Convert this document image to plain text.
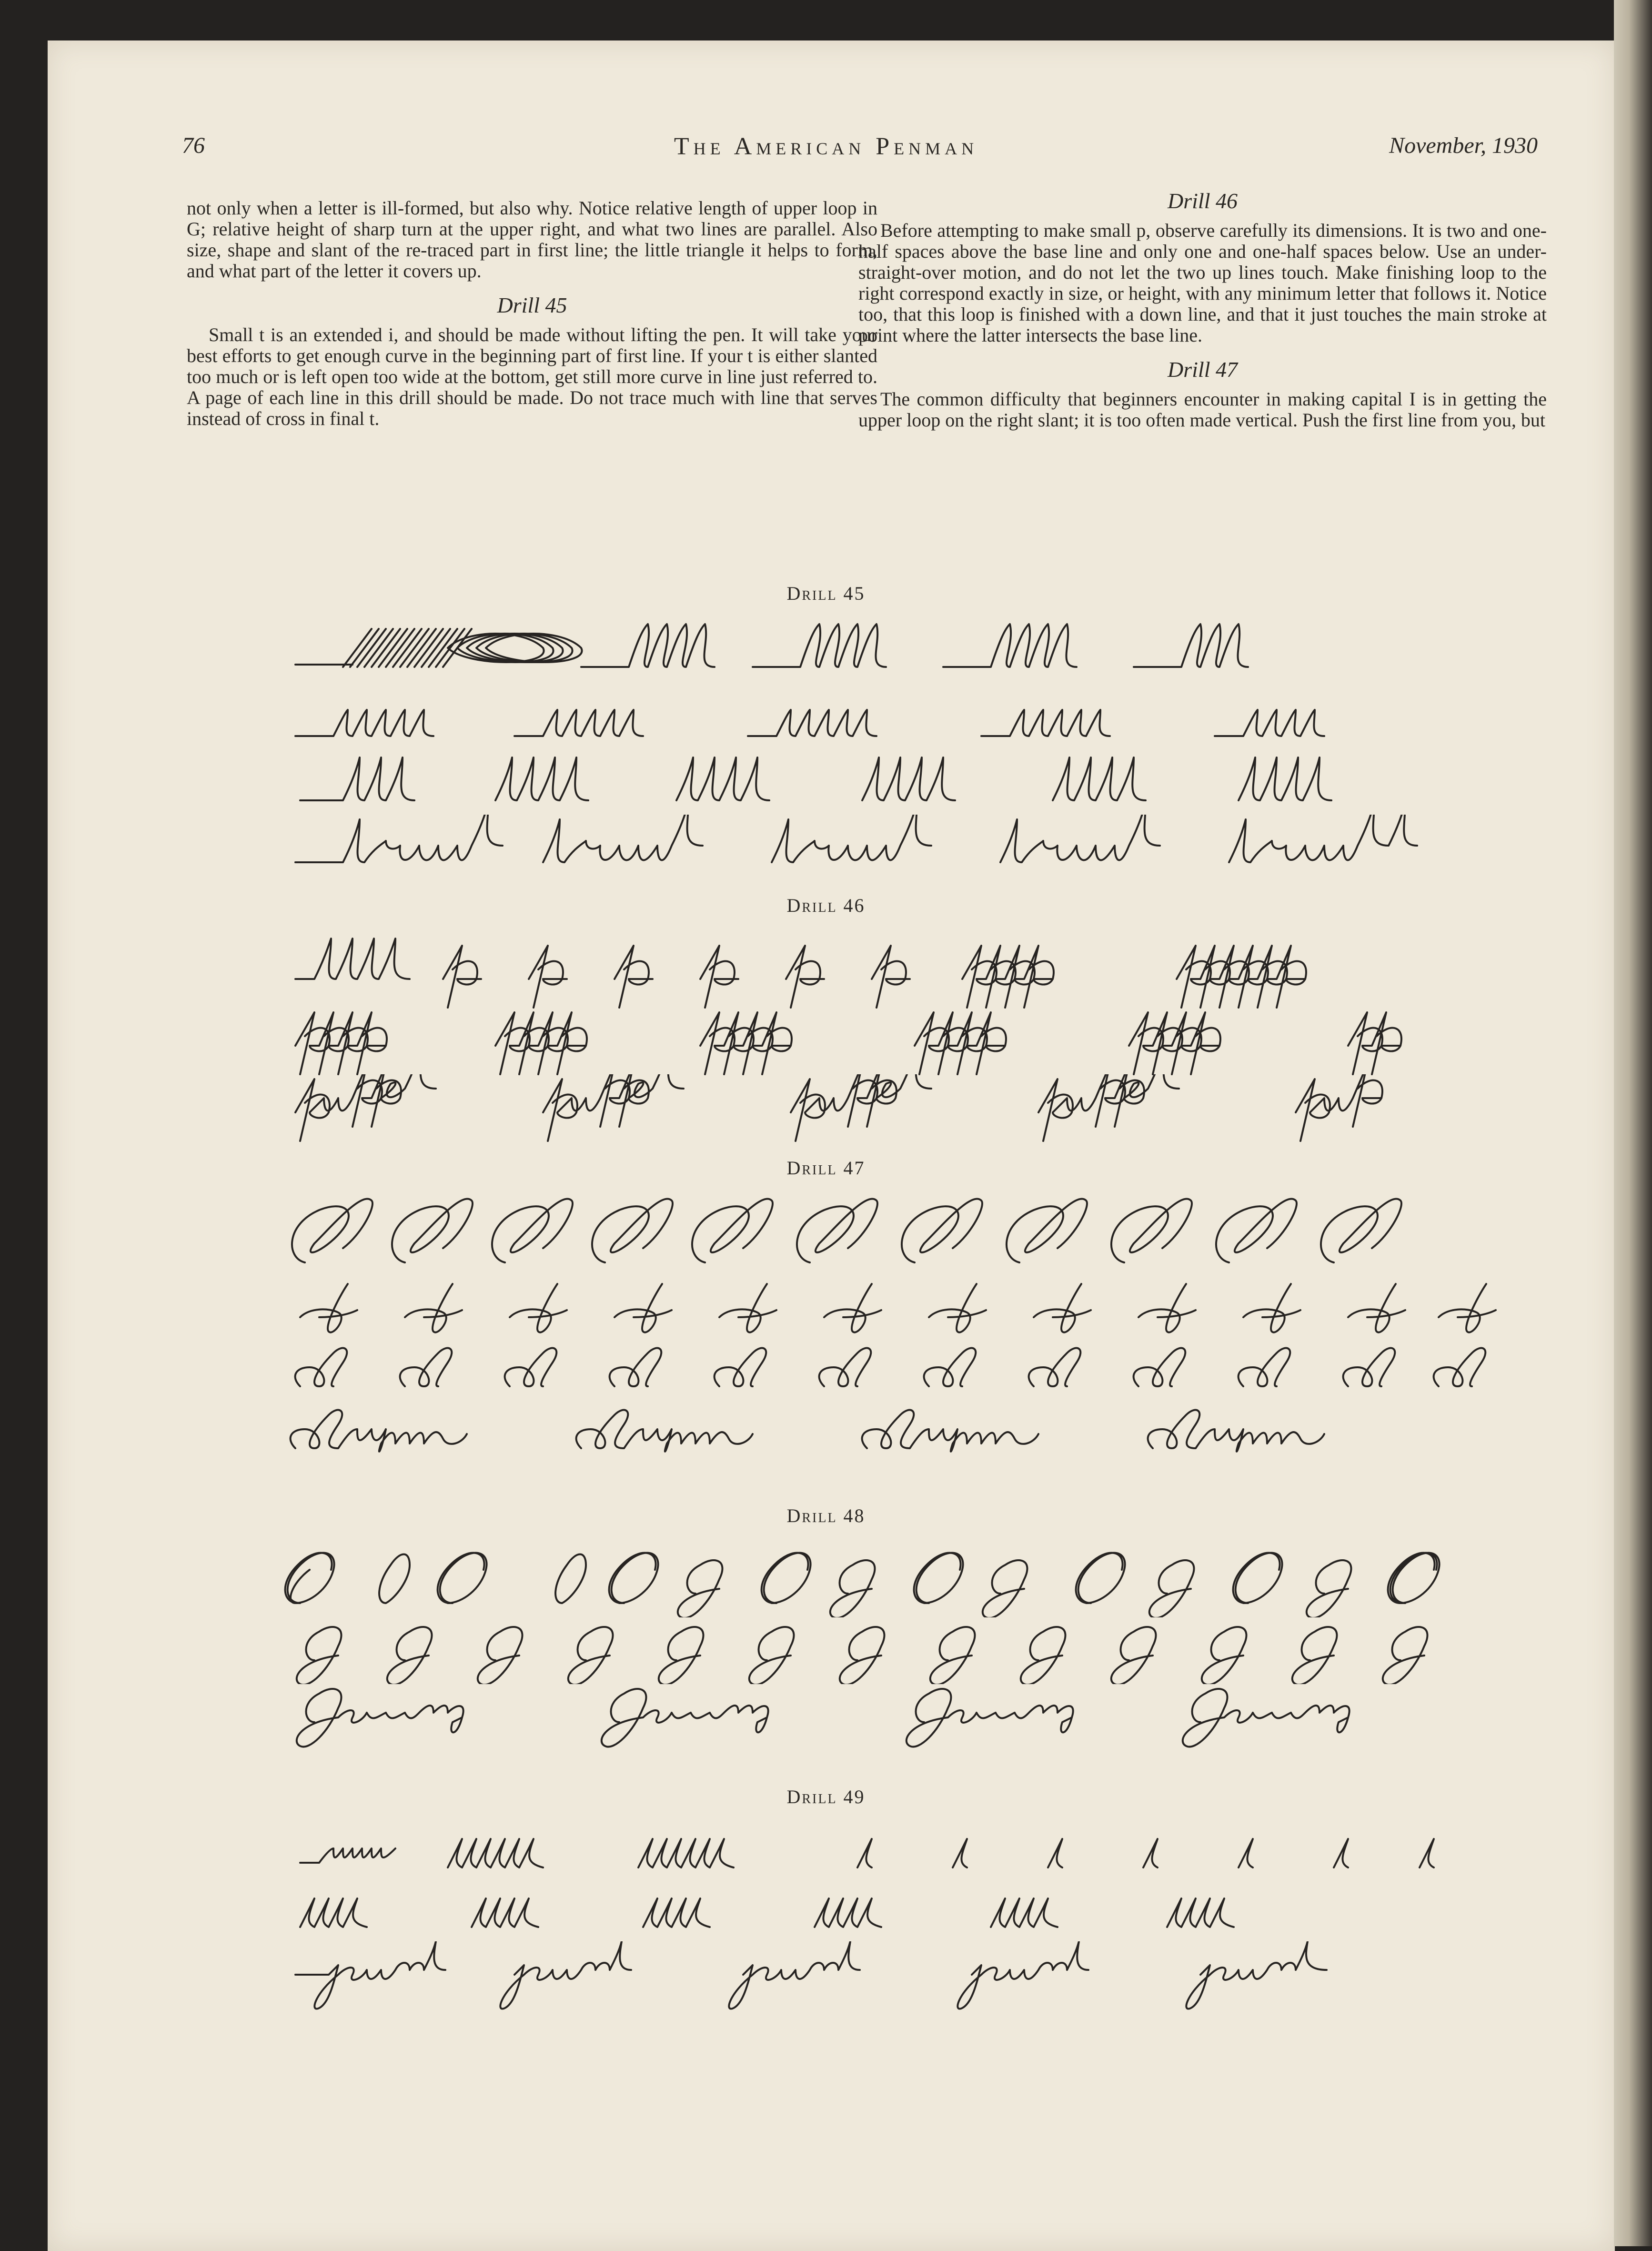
76	The American Penman	November, 1930

not only when a letter is ill-formed, but also why. Notice relative length of upper loop in G; relative height of sharp turn at the upper right, and what two lines are parallel. Also size, shape and slant of the re-traced part in first line; the little triangle it helps to form, and what part of the letter it covers up.

Drill 45

Small t is an extended i, and should be made without lifting the pen. It will take your best efforts to get enough curve in the beginning part of first line. If your t is either slanted too much or is left open too wide at the bottom, get still more curve in line just referred to. A page of each line in this drill should be made. Do not trace much with line that serves instead of cross in final t.

Drill 46

Before attempting to make small p, observe carefully its dimensions. It is two and one-half spaces above the base line and only one and one-half spaces below. Use an under-straight-over motion, and do not let the two up lines touch. Make finishing loop to the right correspond exactly in size, or height, with any minimum letter that follows it. Notice too, that this loop is finished with a down line, and that it just touches the main stroke at point where the latter intersects the base line.

Drill 47

The common difficulty that beginners encounter in making capital I is in getting the upper loop on the right slant; it is too often made vertical. Push the first line from you, but

Drill 45
Drill 46
Drill 47
Drill 48
Drill 49
